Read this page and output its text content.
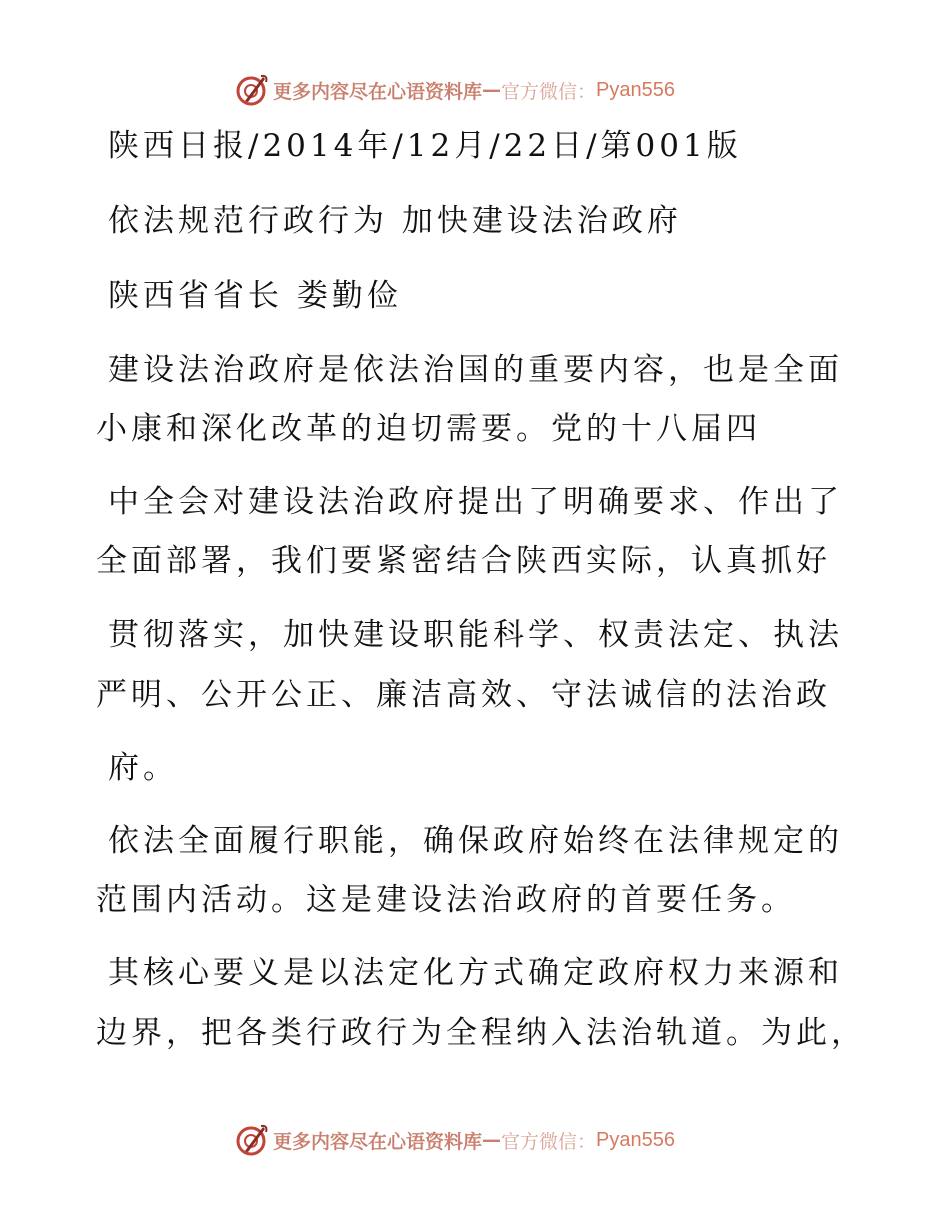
更多内容尽在心语资料库 — 官方微信： Pyan556
陕西日报/2014年/12月/22日/第001版
依法规范行政行为 加快建设法治政府
陕西省省长 娄勤俭
建设法治政府是依法治国的重要内容，也是全面
小康和深化改革的迫切需要。党的十八届四
中全会对建设法治政府提出了明确要求、作出了
全面部署，我们要紧密结合陕西实际，认真抓好
贯彻落实，加快建设职能科学、权责法定、执法
严明、公开公正、廉洁高效、守法诚信的法治政
府。
依法全面履行职能，确保政府始终在法律规定的
范围内活动。这是建设法治政府的首要任务。
其核心要义是以法定化方式确定政府权力来源和
边界，把各类行政行为全程纳入法治轨道。为此，
更多内容尽在心语资料库 — 官方微信： Pyan556
